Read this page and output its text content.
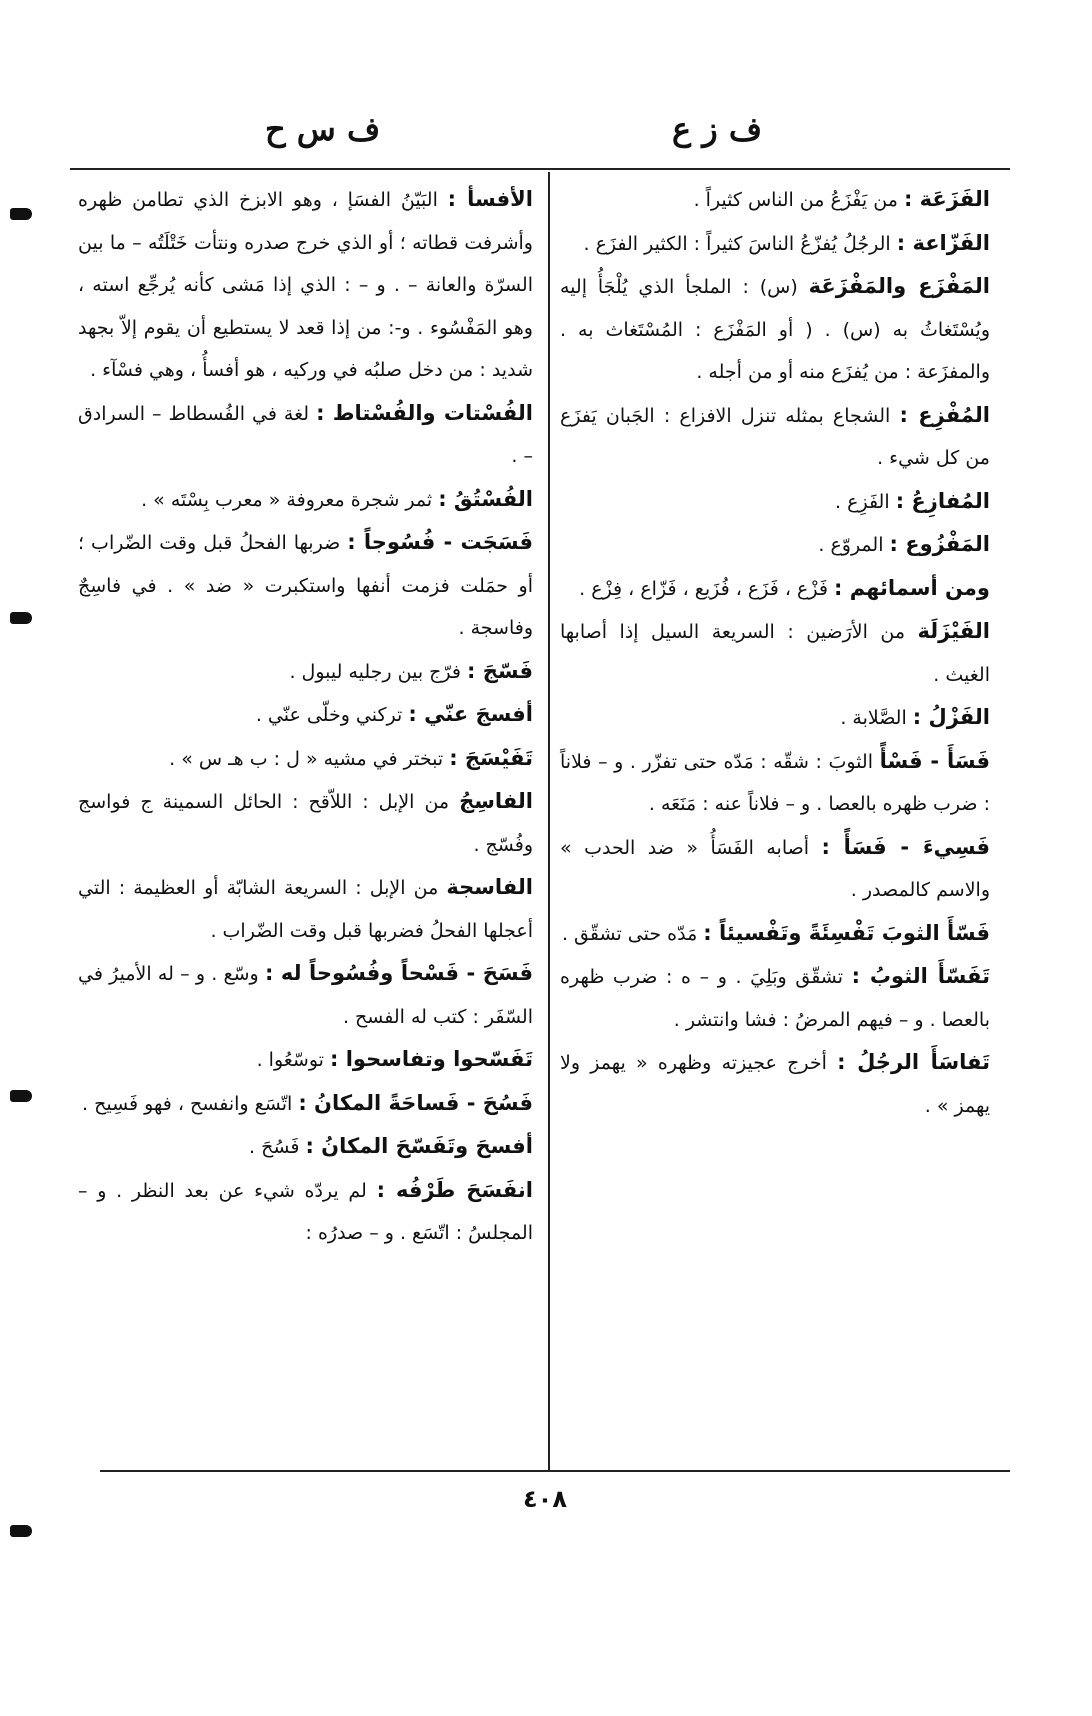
ف ز ع
ف س ح

الفَزَعَة : من يَفْزَعُ من الناس كثيراً .

الفَزّاعة : الرجُلُ يُفزّعُ الناسَ كثيراً : الكثير الفزَع .

المَفْزَع والمَفْزَعَة (س) : الملجأ الذي يُلْجَأُ إليه ويُسْتَغاثُ به (س) . ( أو المَفْزَع : المُسْتَغاث به . والمفزَعة : من يُفزَع منه أو من أجله .

المُفْزِع : الشجاع بمثله تنزل الافزاع : الجَبان يَفزَع من كل شيء .

المُفازِعُ : الفَزِع .

المَفْزُوع : المروّع .

ومن أسمائهم : فَزْع ، فَزَع ، فُزَيع ، فَزّاع ، فِزْع .

الفَيْزَلَة من الأرَضين : السريعة السيل إذا أصابها الغيث .

الفَزْلُ : الصَّلابة .

فَسَأَ - فَسْأً الثوبَ : شقّه : مَدّه حتى تفزّر . و – فلاناً : ضرب ظهره بالعصا . و – فلاناً عنه : مَنَعَه .

فَسِيءَ - فَسَأً : أصابه الفَسَأُ « ضد الحدب » والاسم كالمصدر .

فَسّأَ الثوبَ تَفْسِئَةً وتَفْسيئاً : مَدّه حتى تشقّق .

تَفَسّأَ الثوبُ : تشقّق وبَلِيَ . و – ه : ضرب ظهره بالعصا . و – فيهم المرضُ : فشا وانتشر .

تَفاسَأَ الرجُلُ : أخرج عجيزته وظهره « يهمز ولا يهمز » .

الأفسأ : البَيّنُ الفسَإ ، وهو الابزخ الذي تطامن ظهره وأشرفت قطاته ؛ أو الذي خرج صدره ونتأت خَتْلَتُه – ما بين السرّة والعانة – . و – : الذي إذا مَشى كأنه يُرجِّع استه ، وهو المَفْسُوء . و-: من إذا قعد لا يستطيع أن يقوم إلاّ بجهد شديد : من دخل صلبُه في وركيه ، هو أفسأُ ، وهي فسْآء .

الفُسْتات والفُسْتاط : لغة في الفُسطاط – السرادق – .

الفُسْتُقُ : ثمر شجرة معروفة « معرب بِسْتَه » .

فَسَجَت - فُسُوجاً : ضربها الفحلُ قبل وقت الضّراب ؛ أو حمَلت فزمت أنفها واستكبرت « ضد » . في فاسِجٌ وفاسجة .

فَسّجَ : فرّج بين رجليه ليبول .

أفسجَ عنّي : تركني وخلّى عنّي .

تَفَيْسَجَ : تبختر في مشيه « ل : ب هـ س » .

الفاسِجُ من الإبل : اللاّقح : الحائل السمينة ج فواسج وفُسّج .

الفاسجة من الإبل : السريعة الشابّة أو العظيمة : التي أعجلها الفحلُ فضربها قبل وقت الضّراب .

فَسَحَ - فَسْحاً وفُسُوحاً له : وسّع . و – له الأميرُ في السّفَر : كتب له الفسح .

تَفَسّحوا وتفاسحوا : توسّعُوا .

فَسُحَ - فَساحَةً المكانُ : اتّسَع وانفسح ، فهو فَسِيح .

أفسحَ وتَفَسّحَ المكانُ : فَسُحَ .

انفَسَحَ طَرْفُه : لم يردّه شيء عن بعد النظر . و – المجلسُ : اتّسَع . و – صدرُه :

٤٠٨
